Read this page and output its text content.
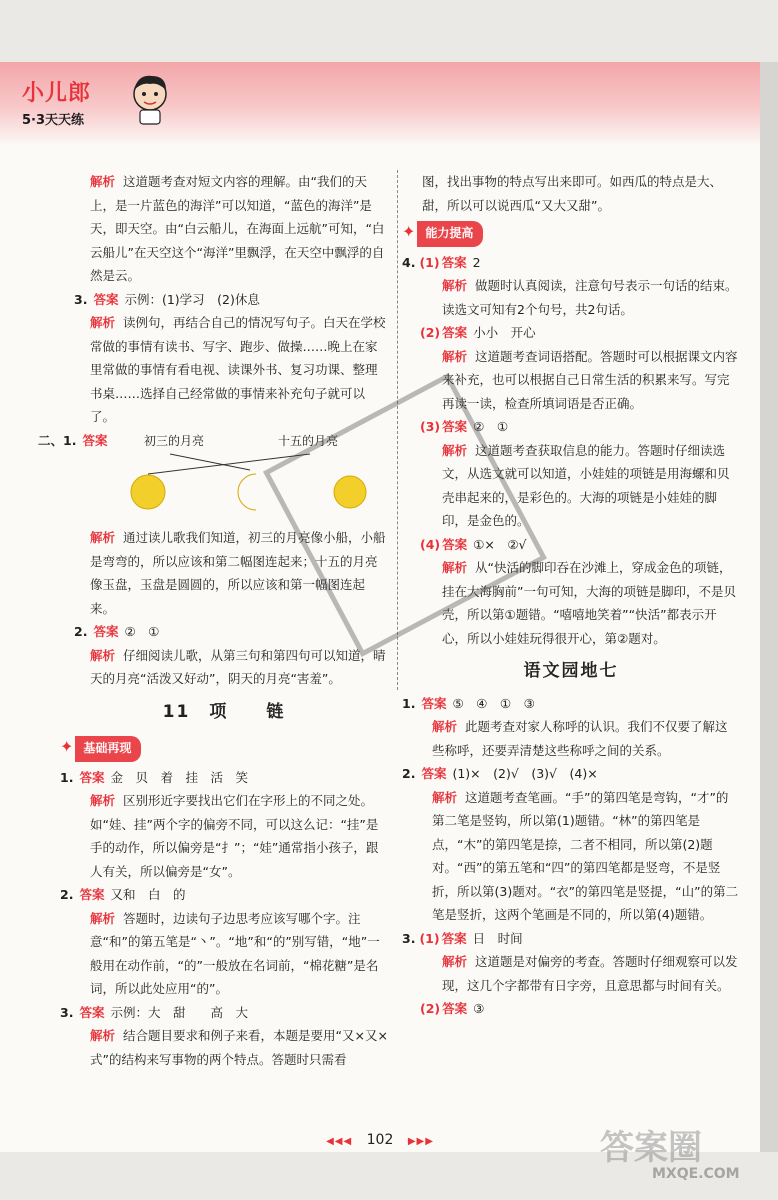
小儿郎
5·3天天练

解析 这道题考查对短文内容的理解。由“我们的天上，是一片蓝色的海洋”可以知道，“蓝色的海洋”是天，即天空。由“白云船儿，在海面上远航”可知，“白云船儿”在天空这个“海洋”里飘浮，在天空中飘浮的自然是云。

3. 答案 示例：(1)学习　(2)休息

解析 读例句，再结合自己的情况写句子。白天在学校常做的事情有读书、写字、跑步、做操……晚上在家里常做的事情有看电视、读课外书、复习功课、整理书桌……选择自己经常做的事情来补充句子就可以了。

二、1. 答案	初三的月亮	十五的月亮

解析 通过读儿歌我们知道，初三的月亮像小船，小船是弯弯的，所以应该和第二幅图连起来；十五的月亮像玉盘，玉盘是圆圆的，所以应该和第一幅图连起来。

2. 答案 ②　①

解析 仔细阅读儿歌，从第三句和第四句可以知道，晴天的月亮“活泼又好动”，阴天的月亮“害羞”。

11　项　　链
✦ 基础再现

1. 答案 金　贝　着　挂　活　笑

解析 区别形近字要找出它们在字形上的不同之处。如“娃、挂”两个字的偏旁不同，可以这么记：“挂”是手的动作，所以偏旁是“扌”；“娃”通常指小孩子，跟人有关，所以偏旁是“女”。

2. 答案 又和　白　的

解析 答题时，边读句子边思考应该写哪个字。注意“和”的第五笔是“丶”。“地”和“的”别写错，“地”一般用在动作前，“的”一般放在名词前，“棉花糖”是名词，所以此处应用“的”。

3. 答案 示例：大　甜　　高　大

解析 结合题目要求和例子来看，本题是要用“又×又×式”的结构来写事物的两个特点。答题时只需看

图，找出事物的特点写出来即可。如西瓜的特点是大、甜，所以可以说西瓜“又大又甜”。

✦ 能力提高

4. (1) 答案 2

解析 做题时认真阅读，注意句号表示一句话的结束。读选文可知有2个句号，共2句话。

(2) 答案 小小　开心

解析 这道题考查词语搭配。答题时可以根据课文内容来补充，也可以根据自己日常生活的积累来写。写完再读一读，检查所填词语是否正确。

(3) 答案 ②　①

解析 这道题考查获取信息的能力。答题时仔细读选文，从选文就可以知道，小娃娃的项链是用海螺和贝壳串起来的，是彩色的。大海的项链是小娃娃的脚印，是金色的。

(4) 答案 ①×　②√

解析 从“快活的脚印吞在沙滩上，穿成金色的项链，挂在大海胸前”一句可知，大海的项链是脚印，不是贝壳，所以第①题错。“嘻嘻地笑着”“快活”都表示开心，所以小娃娃玩得很开心，第②题对。

语文园地七

1. 答案 ⑤　④　①　③

解析 此题考查对家人称呼的认识。我们不仅要了解这些称呼，还要弄清楚这些称呼之间的关系。

2. 答案 (1)×　(2)√　(3)√　(4)×

解析 这道题考查笔画。“手”的第四笔是弯钩，“才”的第二笔是竖钩，所以第(1)题错。“林”的第四笔是点，“木”的第四笔是捺，二者不相同，所以第(2)题对。“西”的第五笔和“四”的第四笔都是竖弯，不是竖折，所以第(3)题对。“衣”的第四笔是竖提，“山”的第二笔是竖折，这两个笔画是不同的，所以第(4)题错。

3. (1) 答案 日　时间

解析 这道题是对偏旁的考查。答题时仔细观察可以发现，这几个字都带有日字旁，且意思都与时间有关。

(2) 答案 ③

◀◀◀ 102 ▶▶▶	答案圈
MXQE.COM
